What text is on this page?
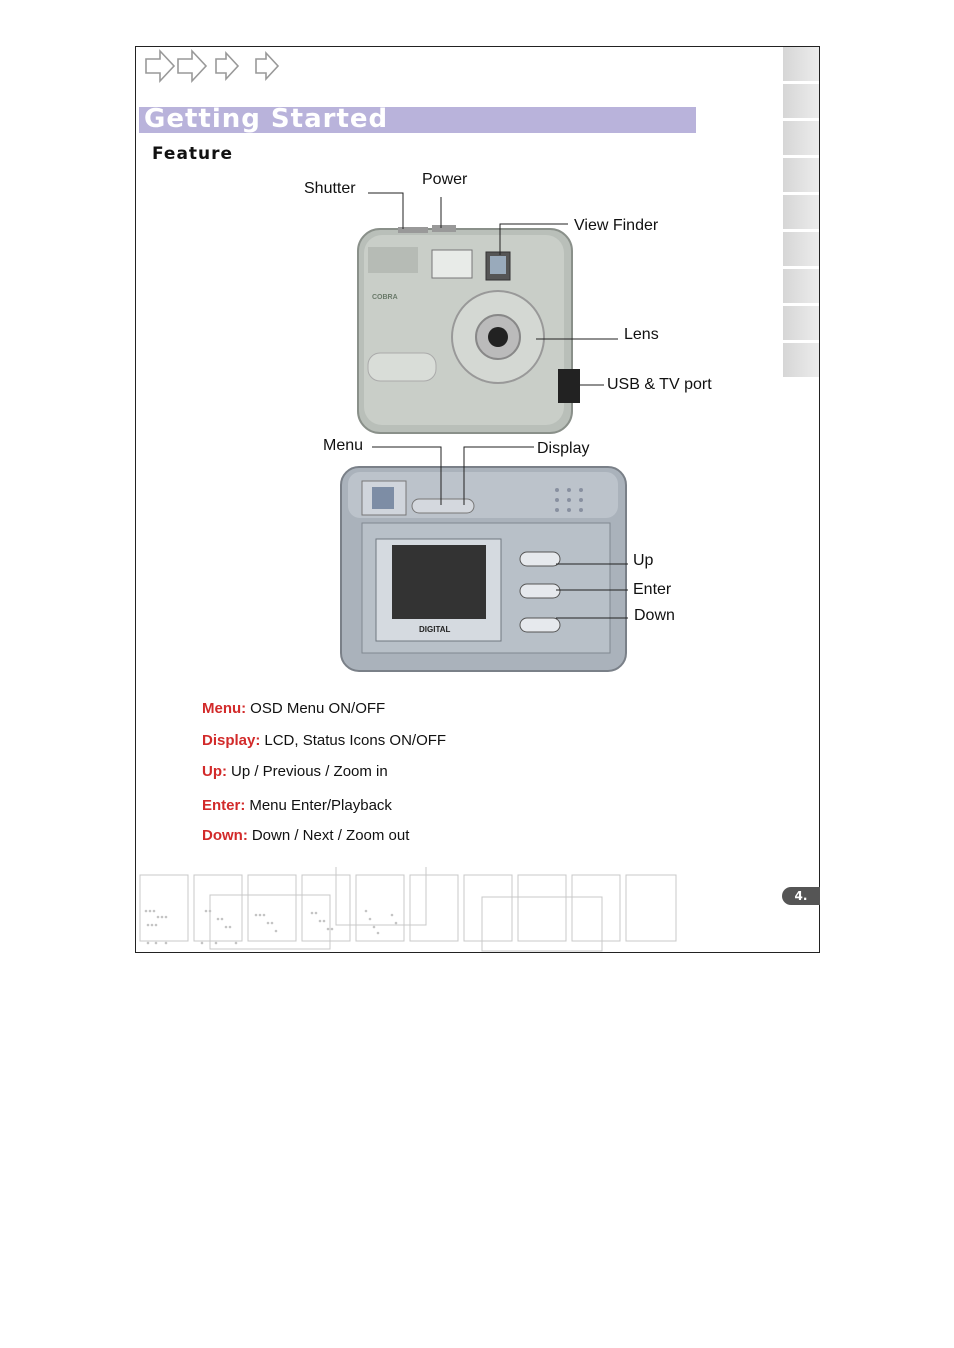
Getting Started
Feature
COBRA
DIGITAL
Shutter
Power
View Finder
Lens
USB & TV port
Menu	Display
Up
Enter
Down
Menu: OSD Menu ON/OFF
Display: LCD, Status Icons ON/OFF
Up: Up / Previous / Zoom in
Enter: Menu Enter/Playback
Down: Down / Next / Zoom out
4.
